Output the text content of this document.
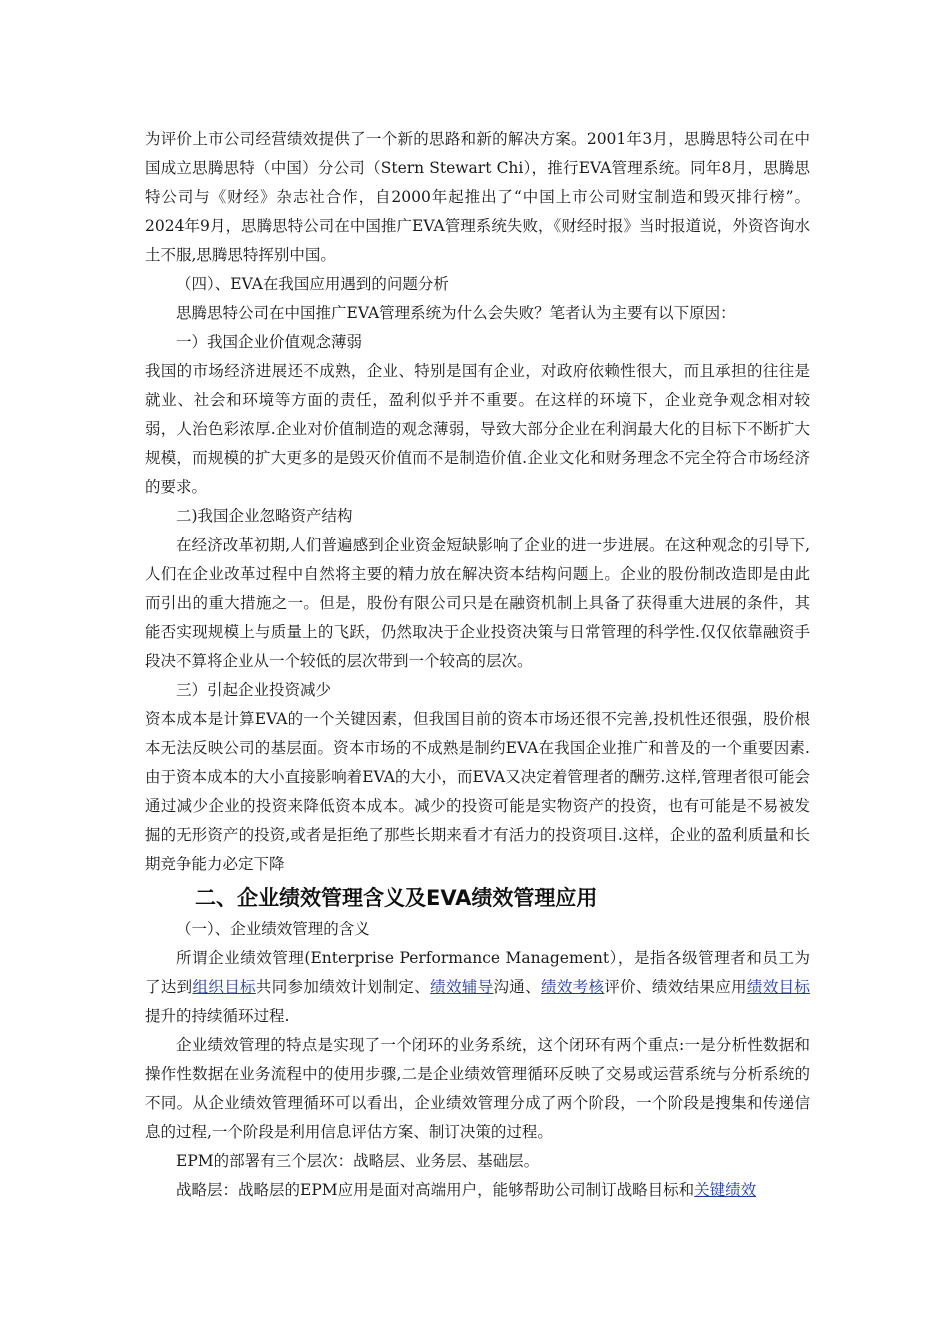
为评价上市公司经营绩效提供了一个新的思路和新的解决方案。2001年3月，思腾思特公司在中国成立思腾思特（中国）分公司（Stern Stewart Chi），推行EVA管理系统。同年8月，思腾思特公司与《财经》杂志社合作，自2000年起推出了“中国上市公司财宝制造和毁灭排行榜”。2024年9月，思腾思特公司在中国推广EVA管理系统失败，《财经时报》当时报道说，外资咨询水土不服,思腾思特挥别中国。

（四）、EVA在我国应用遇到的问题分析

思腾思特公司在中国推广EVA管理系统为什么会失败？笔者认为主要有以下原因：

一）我国企业价值观念薄弱

我国的市场经济进展还不成熟，企业、特别是国有企业，对政府依赖性很大，而且承担的往往是就业、社会和环境等方面的责任，盈利似乎并不重要。在这样的环境下，企业竞争观念相对较弱，人治色彩浓厚.企业对价值制造的观念薄弱，导致大部分企业在利润最大化的目标下不断扩大规模，而规模的扩大更多的是毁灭价值而不是制造价值.企业文化和财务理念不完全符合市场经济的要求。

二)我国企业忽略资产结构

在经济改革初期,人们普遍感到企业资金短缺影响了企业的进一步进展。在这种观念的引导下,人们在企业改革过程中自然将主要的精力放在解决资本结构问题上。企业的股份制改造即是由此而引出的重大措施之一。但是，股份有限公司只是在融资机制上具备了获得重大进展的条件，其能否实现规模上与质量上的飞跃，仍然取决于企业投资决策与日常管理的科学性.仅仅依靠融资手段决不算将企业从一个较低的层次带到一个较高的层次。

三）引起企业投资减少

资本成本是计算EVA的一个关键因素，但我国目前的资本市场还很不完善,投机性还很强，股价根本无法反映公司的基层面。资本市场的不成熟是制约EVA在我国企业推广和普及的一个重要因素.由于资本成本的大小直接影响着EVA的大小，而EVA又决定着管理者的酬劳.这样,管理者很可能会通过减少企业的投资来降低资本成本。减少的投资可能是实物资产的投资，也有可能是不易被发掘的无形资产的投资,或者是拒绝了那些长期来看才有活力的投资项目.这样，企业的盈利质量和长期竞争能力必定下降

二、企业绩效管理含义及EVA绩效管理应用

（一）、企业绩效管理的含义

所谓企业绩效管理(Enterprise Performance Management），是指各级管理者和员工为了达到组织目标共同参加绩效计划制定、绩效辅导沟通、绩效考核评价、绩效结果应用绩效目标提升的持续循环过程.

企业绩效管理的特点是实现了一个闭环的业务系统，这个闭环有两个重点:一是分析性数据和操作性数据在业务流程中的使用步骤,二是企业绩效管理循环反映了交易或运营系统与分析系统的不同。从企业绩效管理循环可以看出，企业绩效管理分成了两个阶段，一个阶段是搜集和传递信息的过程,一个阶段是利用信息评估方案、制订决策的过程。

EPM的部署有三个层次：战略层、业务层、基础层。

战略层：战略层的EPM应用是面对高端用户，能够帮助公司制订战略目标和关键绩效
